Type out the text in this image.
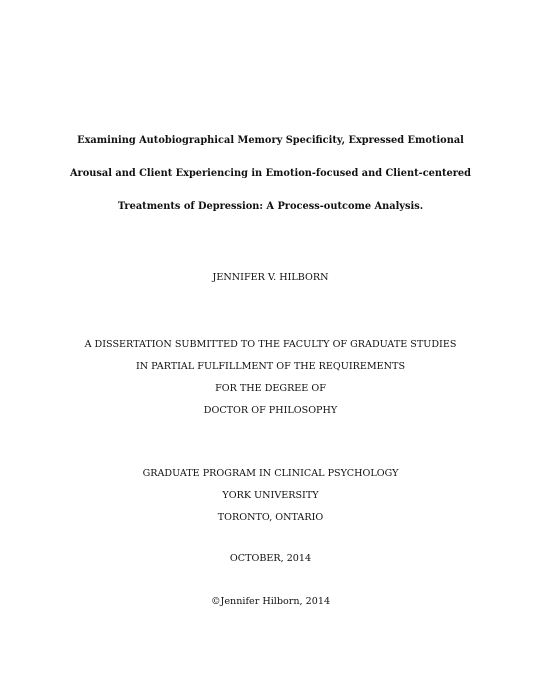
Examining Autobiographical Memory Specificity, Expressed Emotional
Arousal and Client Experiencing in Emotion-focused and Client-centered
Treatments of Depression: A Process-outcome Analysis.
JENNIFER V. HILBORN
A DISSERTATION SUBMITTED TO THE FACULTY OF GRADUATE STUDIES
IN PARTIAL FULFILLMENT OF THE REQUIREMENTS
FOR THE DEGREE OF
DOCTOR OF PHILOSOPHY
GRADUATE PROGRAM IN CLINICAL PSYCHOLOGY
YORK UNIVERSITY
TORONTO, ONTARIO
OCTOBER, 2014
©Jennifer Hilborn, 2014
